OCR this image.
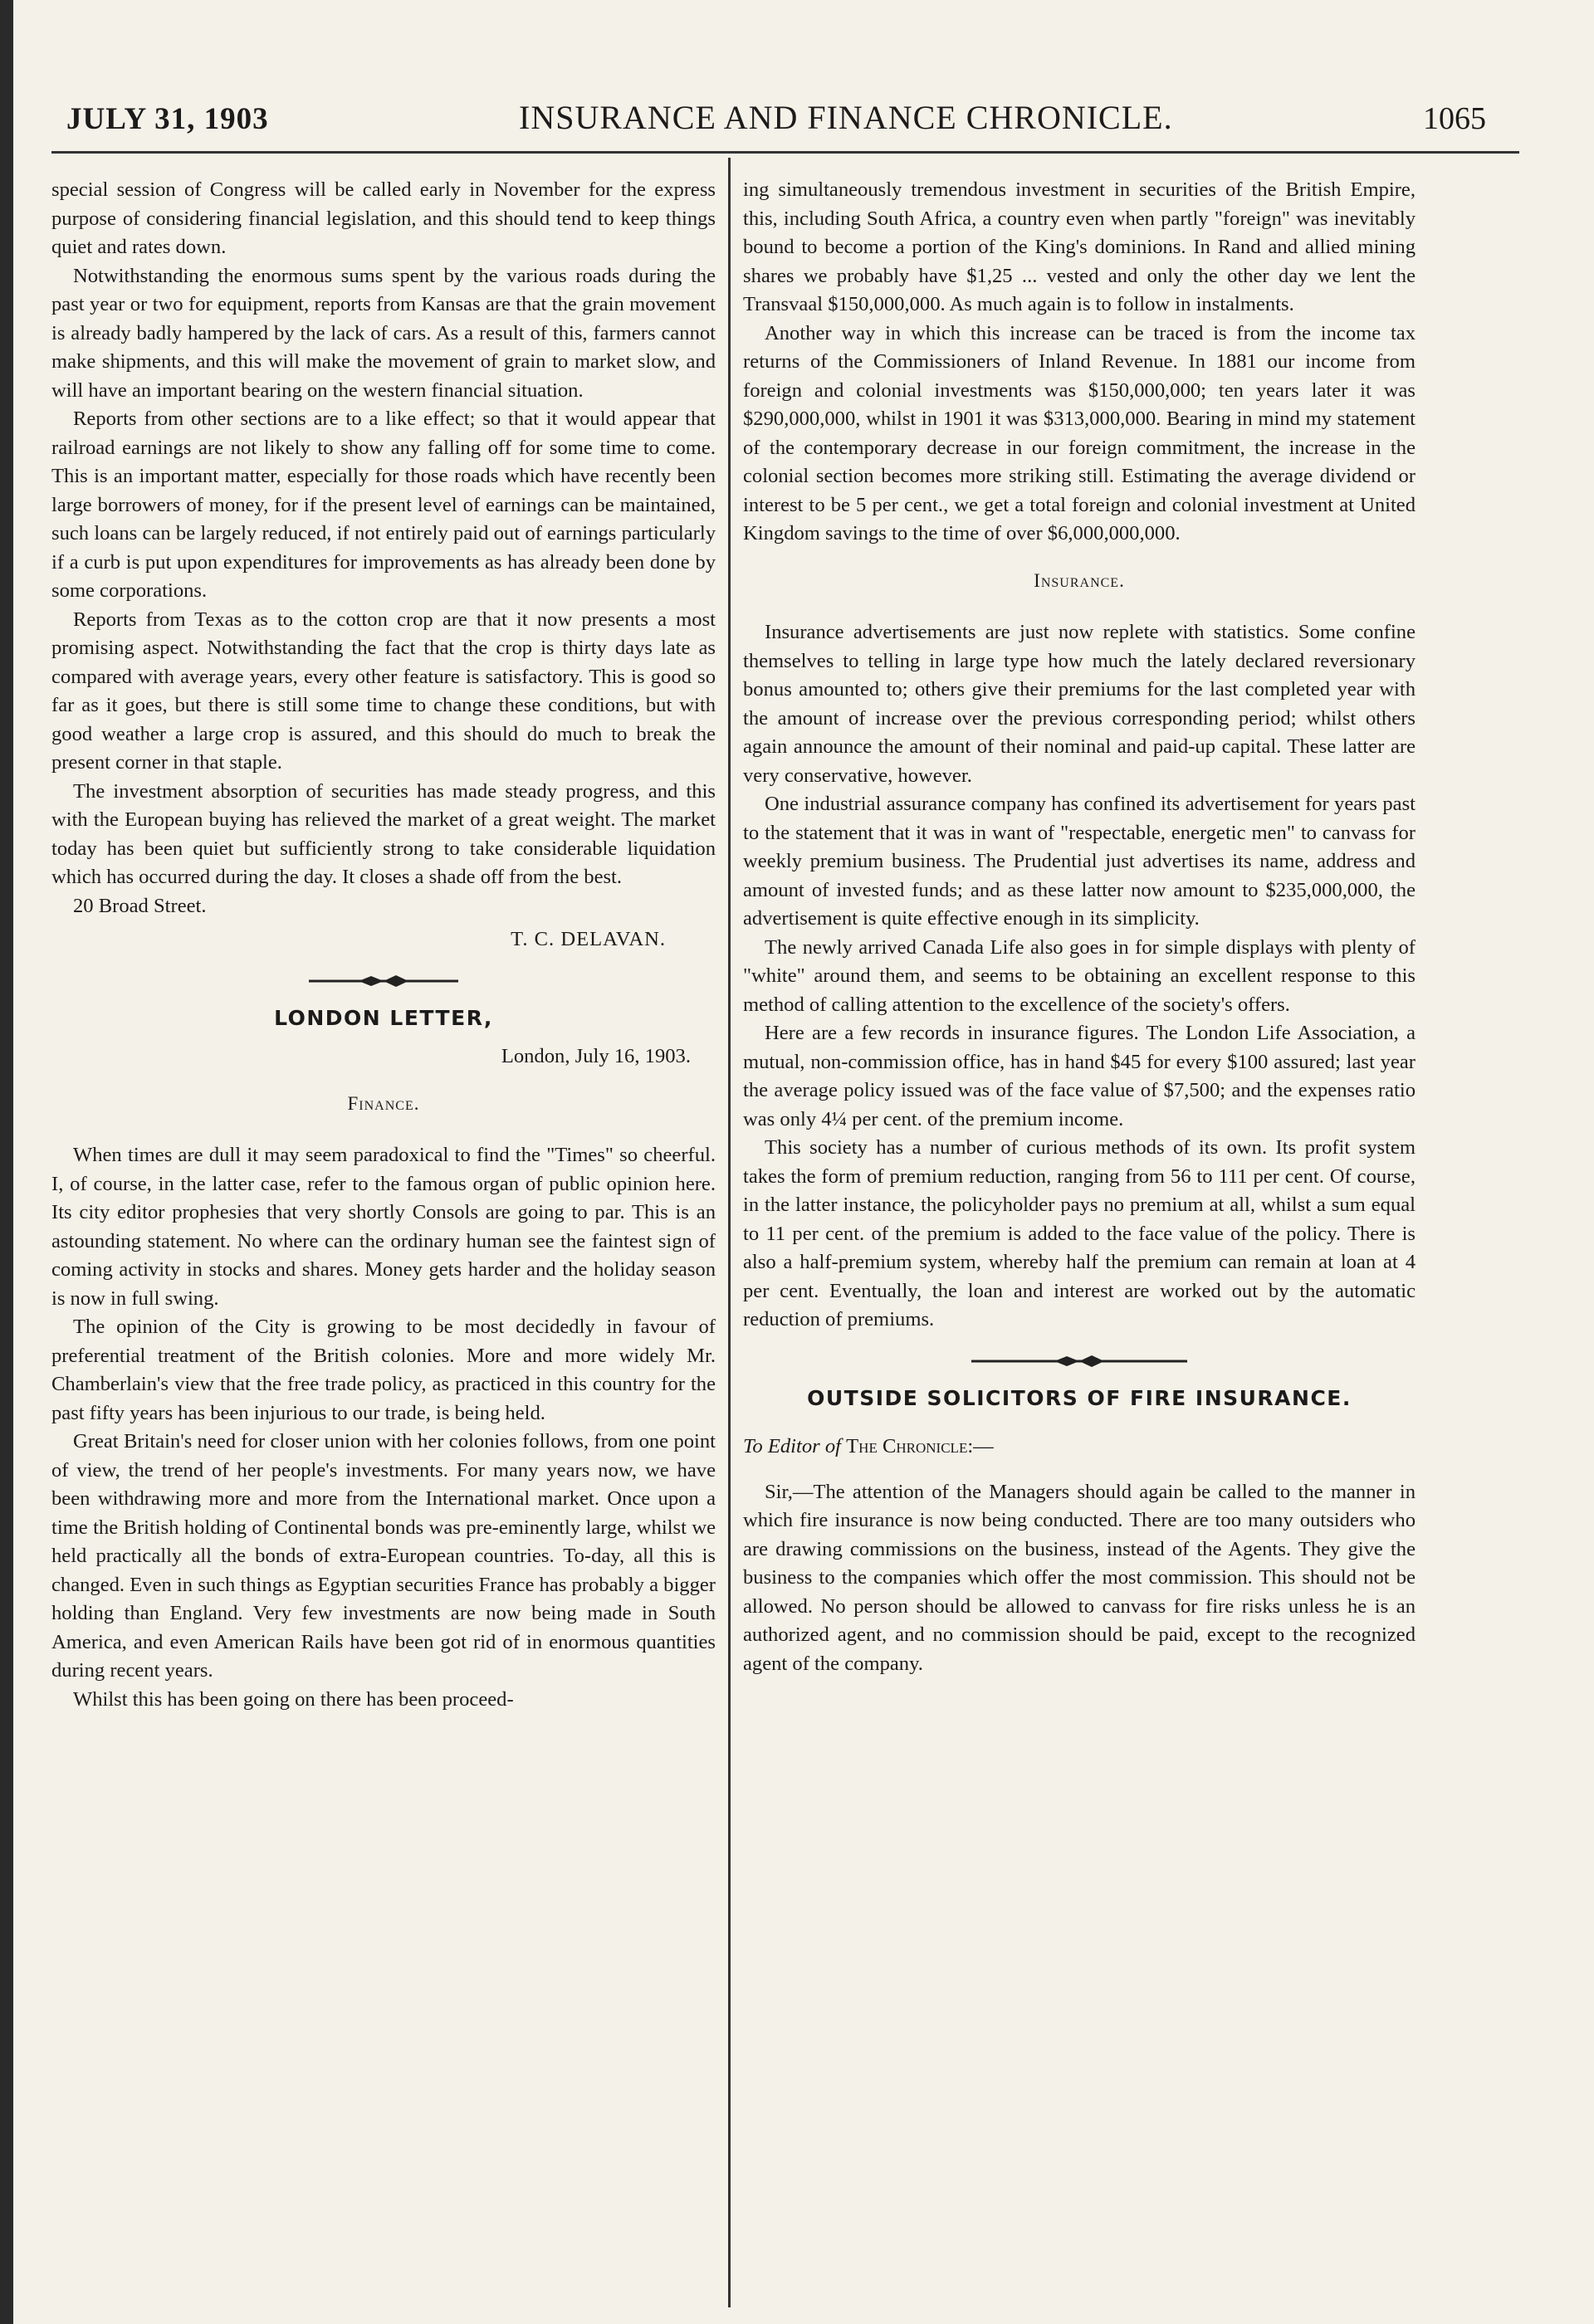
JULY 31, 1903	INSURANCE AND FINANCE CHRONICLE.	1065

special session of Congress will be called early in November for the express purpose of considering financial legislation, and this should tend to keep things quiet and rates down.

Notwithstanding the enormous sums spent by the various roads during the past year or two for equipment, reports from Kansas are that the grain movement is already badly hampered by the lack of cars. As a result of this, farmers cannot make shipments, and this will make the movement of grain to market slow, and will have an important bearing on the western financial situation.

Reports from other sections are to a like effect; so that it would appear that railroad earnings are not likely to show any falling off for some time to come. This is an important matter, especially for those roads which have recently been large borrowers of money, for if the present level of earnings can be maintained, such loans can be largely reduced, if not entirely paid out of earnings particularly if a curb is put upon expenditures for improvements as has already been done by some corporations.

Reports from Texas as to the cotton crop are that it now presents a most promising aspect. Notwithstanding the fact that the crop is thirty days late as compared with average years, every other feature is satisfactory. This is good so far as it goes, but there is still some time to change these conditions, but with good weather a large crop is assured, and this should do much to break the present corner in that staple.

The investment absorption of securities has made steady progress, and this with the European buying has relieved the market of a great weight. The market today has been quiet but sufficiently strong to take considerable liquidation which has occurred during the day. It closes a shade off from the best.

20 Broad Street.

T. C. DELAVAN.

LONDON LETTER,
London, July 16, 1903.
Finance.

When times are dull it may seem paradoxical to find the "Times" so cheerful. I, of course, in the latter case, refer to the famous organ of public opinion here. Its city editor prophesies that very shortly Consols are going to par. This is an astounding statement. No where can the ordinary human see the faintest sign of coming activity in stocks and shares. Money gets harder and the holiday season is now in full swing.

The opinion of the City is growing to be most decidedly in favour of preferential treatment of the British colonies. More and more widely Mr. Chamberlain's view that the free trade policy, as practiced in this country for the past fifty years has been injurious to our trade, is being held.

Great Britain's need for closer union with her colonies follows, from one point of view, the trend of her people's investments. For many years now, we have been withdrawing more and more from the International market. Once upon a time the British holding of Continental bonds was pre-eminently large, whilst we held practically all the bonds of extra-European countries. To-day, all this is changed. Even in such things as Egyptian securities France has probably a bigger holding than England. Very few investments are now being made in South America, and even American Rails have been got rid of in enormous quantities during recent years.

Whilst this has been going on there has been proceed-

ing simultaneously tremendous investment in securities of the British Empire, this, including South Africa, a country even when partly "foreign" was inevitably bound to become a portion of the King's dominions. In Rand and allied mining shares we probably have $1,25 ... vested and only the other day we lent the Transvaal $150,000,000. As much again is to follow in instalments.

Another way in which this increase can be traced is from the income tax returns of the Commissioners of Inland Revenue. In 1881 our income from foreign and colonial investments was $150,000,000; ten years later it was $290,000,000, whilst in 1901 it was $313,000,000. Bearing in mind my statement of the contemporary decrease in our foreign commitment, the increase in the colonial section becomes more striking still. Estimating the average dividend or interest to be 5 per cent., we get a total foreign and colonial investment at United Kingdom savings to the time of over $6,000,000,000.

Insurance.

Insurance advertisements are just now replete with statistics. Some confine themselves to telling in large type how much the lately declared reversionary bonus amounted to; others give their premiums for the last completed year with the amount of increase over the previous corresponding period; whilst others again announce the amount of their nominal and paid-up capital. These latter are very conservative, however.

One industrial assurance company has confined its advertisement for years past to the statement that it was in want of "respectable, energetic men" to canvass for weekly premium business. The Prudential just advertises its name, address and amount of invested funds; and as these latter now amount to $235,000,000, the advertisement is quite effective enough in its simplicity.

The newly arrived Canada Life also goes in for simple displays with plenty of "white" around them, and seems to be obtaining an excellent response to this method of calling attention to the excellence of the society's offers.

Here are a few records in insurance figures. The London Life Association, a mutual, non-commission office, has in hand $45 for every $100 assured; last year the average policy issued was of the face value of $7,500; and the expenses ratio was only 4¼ per cent. of the premium income.

This society has a number of curious methods of its own. Its profit system takes the form of premium reduction, ranging from 56 to 111 per cent. Of course, in the latter instance, the policyholder pays no premium at all, whilst a sum equal to 11 per cent. of the premium is added to the face value of the policy. There is also a half-premium system, whereby half the premium can remain at loan at 4 per cent. Eventually, the loan and interest are worked out by the automatic reduction of premiums.

OUTSIDE SOLICITORS OF FIRE INSURANCE.
To Editor of The Chronicle:—

Sir,—The attention of the Managers should again be called to the manner in which fire insurance is now being conducted. There are too many outsiders who are drawing commissions on the business, instead of the Agents. They give the business to the companies which offer the most commission. This should not be allowed. No person should be allowed to canvass for fire risks unless he is an authorized agent, and no commission should be paid, except to the recognized agent of the company.
